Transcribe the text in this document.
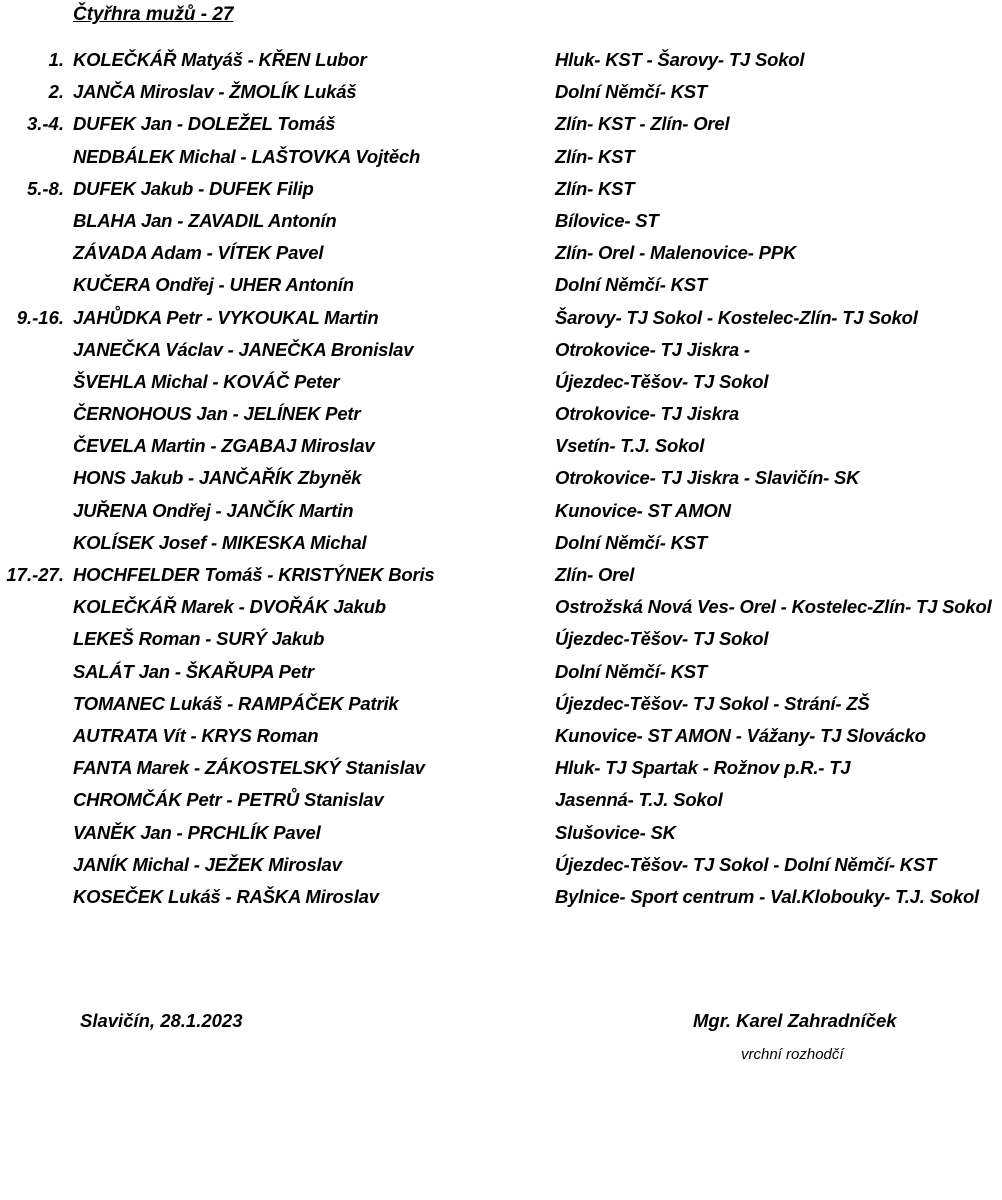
Čtyřhra mužů - 27
1. KOLEČKÁŘ Matyáš - KŘEN Lubor	Hluk- KST - Šarovy- TJ Sokol
2. JANČA Miroslav - ŽMOLÍK Lukáš	Dolní Němčí- KST
3.-4. DUFEK Jan - DOLEŽEL Tomáš	Zlín- KST - Zlín- Orel
NEDBÁLEK Michal - LAŠTOVKA Vojtěch	Zlín- KST
5.-8. DUFEK Jakub - DUFEK Filip	Zlín- KST
BLAHA Jan - ZAVADIL Antonín	Bílovice- ST
ZÁVADA Adam - VÍTEK Pavel	Zlín- Orel - Malenovice- PPK
KUČERA Ondřej - UHER Antonín	Dolní Němčí- KST
9.-16. JAHŮDKA Petr - VYKOUKAL Martin	Šarovy- TJ Sokol - Kostelec-Zlín- TJ Sokol
JANEČKA Václav - JANEČKA Bronislav	Otrokovice- TJ Jiskra -
ŠVEHLA Michal - KOVÁČ Peter	Újezdec-Těšov- TJ Sokol
ČERNOHOUS Jan - JELÍNEK Petr	Otrokovice- TJ Jiskra
ČEVELA Martin - ZGABAJ Miroslav	Vsetín- T.J. Sokol
HONS Jakub - JANČAŘÍK Zbyněk	Otrokovice- TJ Jiskra - Slavičín- SK
JUŘENA Ondřej - JANČÍK Martin	Kunovice- ST AMON
KOLÍSEK Josef - MIKESKA Michal	Dolní Němčí- KST
17.-27. HOCHFELDER Tomáš - KRISTÝNEK Boris	Zlín- Orel
KOLEČKÁŘ Marek - DVOŘÁK Jakub	Ostrožská Nová Ves- Orel - Kostelec-Zlín- TJ Sokol
LEKEŠ Roman - SURÝ Jakub	Újezdec-Těšov- TJ Sokol
SALÁT Jan - ŠKAŘUPA Petr	Dolní Němčí- KST
TOMANEC Lukáš - RAMPÁČEK Patrik	Újezdec-Těšov- TJ Sokol - Strání- ZŠ
AUTRATA Vít - KRYS Roman	Kunovice- ST AMON - Vážany- TJ Slovácko
FANTA Marek - ZÁKOSTELSKÝ Stanislav	Hluk- TJ Spartak - Rožnov p.R.- TJ
CHROMČÁK Petr - PETRŮ Stanislav	Jasenná- T.J. Sokol
VANĚK Jan - PRCHLÍK Pavel	Slušovice- SK
JANÍK Michal - JEŽEK Miroslav	Újezdec-Těšov- TJ Sokol - Dolní Němčí- KST
KOSEČEK Lukáš - RAŠKA Miroslav	Bylnice- Sport centrum - Val.Klobouky- T.J. Sokol
Slavičín, 28.1.2023	Mgr. Karel Zahradníček
vrchní rozhodčí
